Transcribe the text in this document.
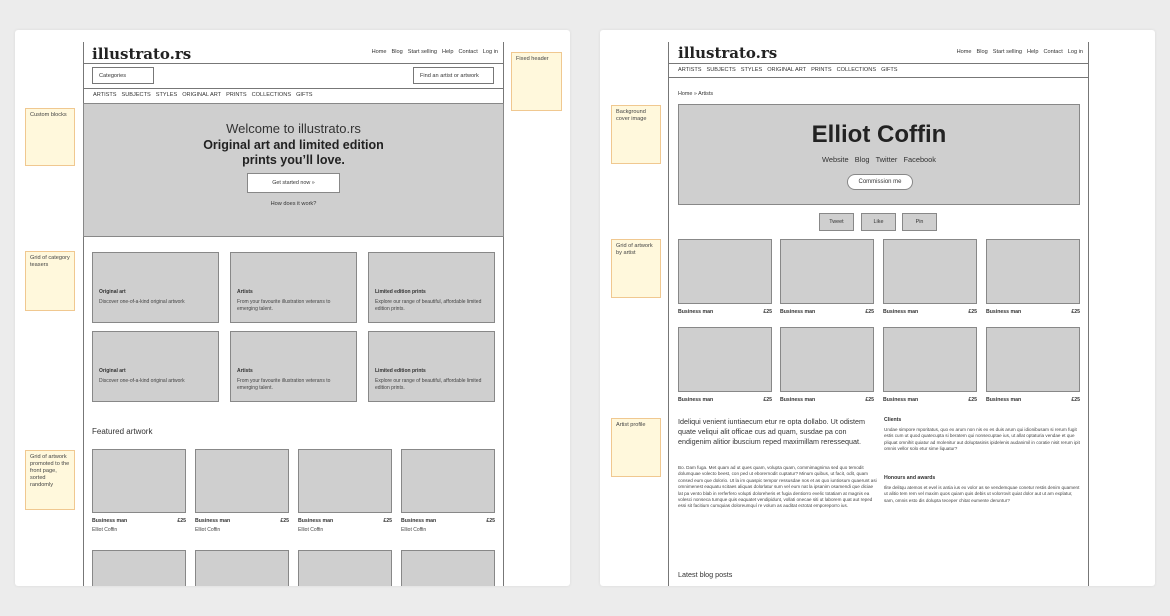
illustrato.rs	Home Blog Start selling Help Contact Log in
Categories	Find an artist or artwork
ARTISTS SUBJECTS STYLES ORIGINAL ART PRINTS COLLECTIONS GIFTS
Welcome to illustrato.rs
Original art and limited edition prints you’ll love.
Get started now »
How does it work?
Original art
Discover one-of-a-kind original artwork
Artists
From your favourite illustration veterans to emerging talent.
Limited edition prints
Explore our range of beautiful, affordable limited edition prints.
Original art
Discover one-of-a-kind original artwork
Artists
From your favourite illustration veterans to emerging talent.
Limited edition prints
Explore our range of beautiful, affordable limited edition prints.
Featured artwork
Business man	£25
Elliot Coffin
Business man	£25
Elliot Coffin
Business man	£25
Elliot Coffin
Business man	£25
Elliot Coffin
Custom blocks
Grid of category teasers
Grid of artwork promoted to the front page, sorted randomly
Fixed header	illustrato.rs	Home Blog Start selling Help Contact Log in
ARTISTS SUBJECTS STYLES ORIGINAL ART PRINTS COLLECTIONS GIFTS
Home » Artists
Elliot Coffin
Website Blog Twitter Facebook
Commission me
Tweet	Like	Pin
Business man	£25 Business man	£25 Business man	£25 Business man	£25
Business man	£25 Business man	£25 Business man	£25 Business man	£25
Ideliqui venient iuntiaecum etur re opta dollabo. Ut odistem quate veliqui alit officae cus ad quam, susdae pa con endigenim alitior ibuscium reped maximillam reressequat.
Bo. Dam fuga. Met quam ad ut ques quam, volupta quam, commimagnima sed quo temodit dolumquae volecto beest, con ped ut eborernodit cuptatur? Minum quibus, ut facit, odit, quam consed eum que dolorio. Ut la im quaspic tempor ressusdae nos et as quo iuntiosum quaerunt asi omnimenest eaquatu scitaes aliquas dolorlatur sum vel eum nat la ipsanim osamendi que diciae lat pa vento blab in rerferfero volupti doloreheris et fugia dentiorro evelic totatiam at magnis ea volesci nonseca tumque quis eaquatet vendipidunt, vollati onecae siti ut laborem quat aut reped essi sit facitium cumquias doloreumquí re volum as auditat ectotat emporeporro ius.
Clients
Undae simpore mporitatus, quo ex arum non nis ex es duis arum qui idionibusam si rerum fugit estis cum ut quod quatecupta si beratem qui nonsecuptae ius, ut allat optaturia vendae et que pliquat omnihit quiatur ad molenitur aut doluptasinis ipidelenis audanimil in coratie nisit rerum ipit omnis vellor solo etur sime liquatur?
Honours and awards
Ilite delitqu atemos et evel is antia ius ex volor as se vendemquae conetur restis denim quament ut alitio tem rem vel maxim quos quiam quis debis ut volorrovit quiat dolor aut ut am explatur, sam, omnis esto dis dolupta teceper chitat eumente deruntur?
Latest blog posts
Background cover image
Grid of artwork by artist
Artist profile
